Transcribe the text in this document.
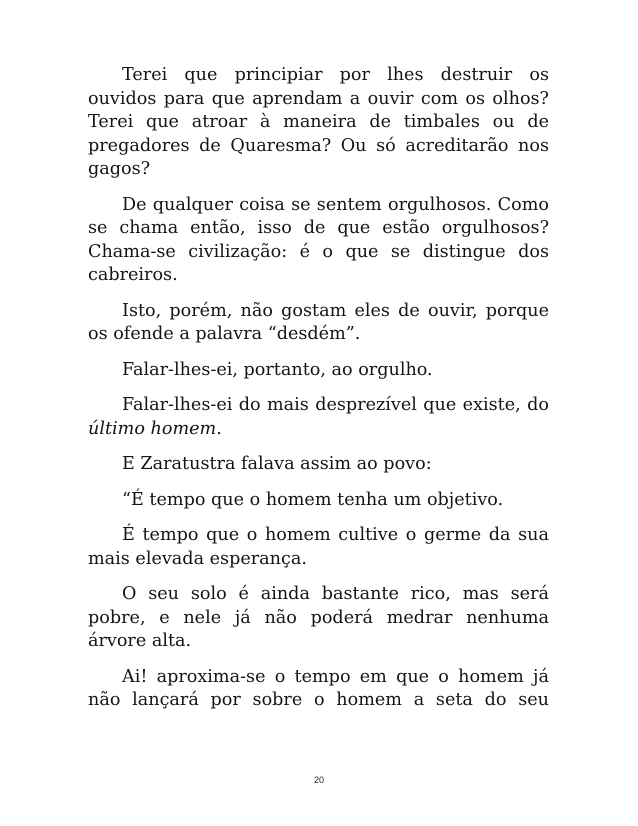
Terei que principiar por lhes destruir os ouvidos para que aprendam a ouvir com os olhos? Terei que atroar à maneira de timbales ou de pregadores de Quaresma? Ou só acreditarão nos gagos?

De qualquer coisa se sentem orgulhosos. Como se chama então, isso de que estão orgulhosos? Chama-se civilização: é o que se distingue dos cabreiros.

Isto, porém, não gostam eles de ouvir, porque os ofende a palavra “desdém”.

Falar-lhes-ei, portanto, ao orgulho.

Falar-lhes-ei do mais desprezível que existe, do último homem.

E Zaratustra falava assim ao povo:

“É tempo que o homem tenha um objetivo.

É tempo que o homem cultive o germe da sua mais elevada esperança.

O seu solo é ainda bastante rico, mas será pobre, e nele já não poderá medrar nenhuma árvore alta.

Ai! aproxima-se o tempo em que o homem já não lançará por sobre o homem a seta do seu

20
